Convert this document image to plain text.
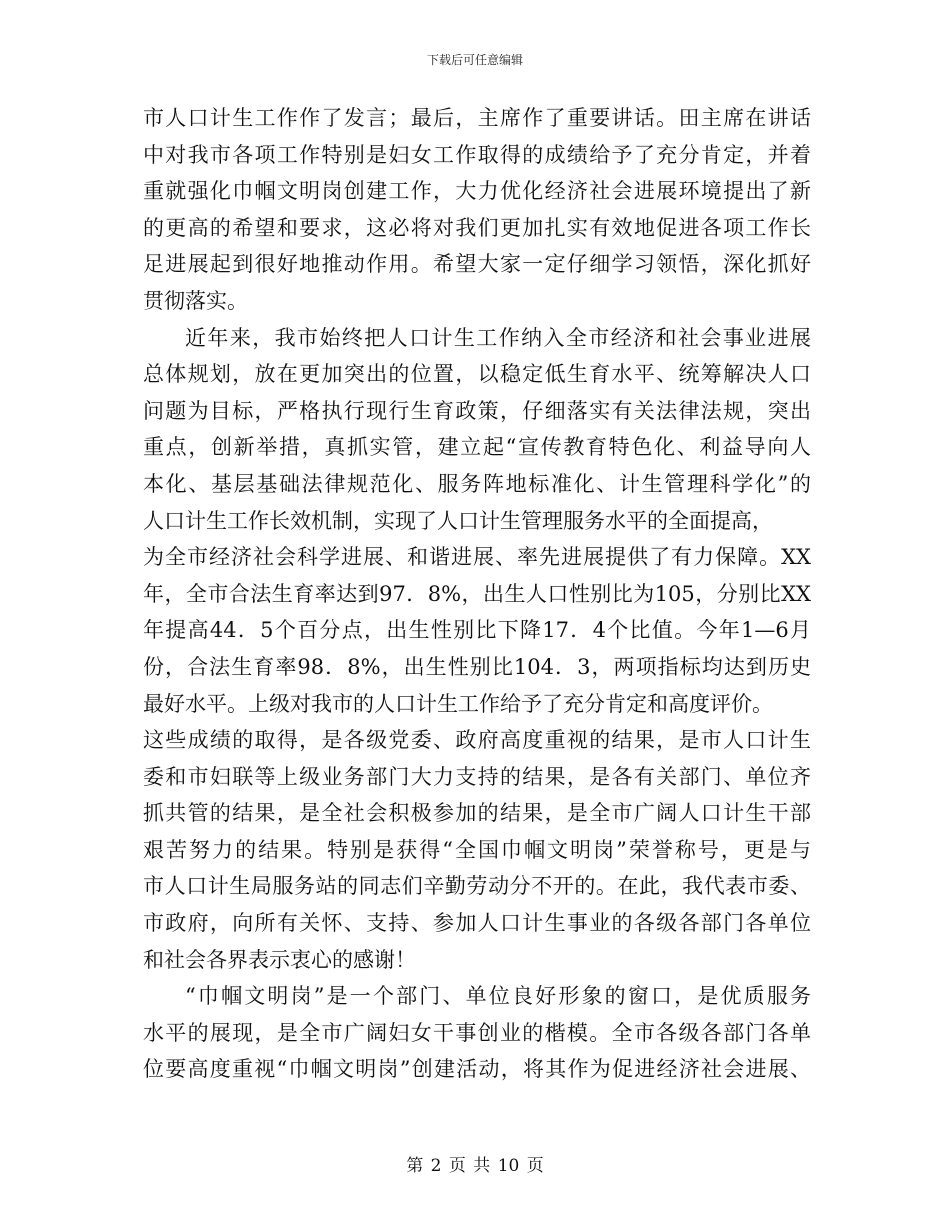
下载后可任意编辑
市人口计生工作作了发言；最后，主席作了重要讲话。田主席在讲话
中对我市各项工作特别是妇女工作取得的成绩给予了充分肯定，并着
重就强化巾帼文明岗创建工作，大力优化经济社会进展环境提出了新
的更高的希望和要求，这必将对我们更加扎实有效地促进各项工作长
足进展起到很好地推动作用。希望大家一定仔细学习领悟，深化抓好
贯彻落实。
近年来，我市始终把人口计生工作纳入全市经济和社会事业进展
总体规划，放在更加突出的位置，以稳定低生育水平、统筹解决人口
问题为目标，严格执行现行生育政策，仔细落实有关法律法规，突出
重点，创新举措，真抓实管，建立起“宣传教育特色化、利益导向人
本化、基层基础法律规范化、服务阵地标准化、计生管理科学化”的
人口计生工作长效机制，实现了人口计生管理服务水平的全面提高，
为全市经济社会科学进展、和谐进展、率先进展提供了有力保障。XX
年，全市合法生育率达到97．8%，出生人口性别比为105，分别比XX
年提高44．5个百分点，出生性别比下降17．4个比值。今年1—6月
份，合法生育率98．8%，出生性别比104．3，两项指标均达到历史
最好水平。上级对我市的人口计生工作给予了充分肯定和高度评价。
这些成绩的取得，是各级党委、政府高度重视的结果，是市人口计生
委和市妇联等上级业务部门大力支持的结果，是各有关部门、单位齐
抓共管的结果，是全社会积极参加的结果，是全市广阔人口计生干部
艰苦努力的结果。特别是获得“全国巾帼文明岗”荣誉称号，更是与
市人口计生局服务站的同志们辛勤劳动分不开的。在此，我代表市委、
市政府，向所有关怀、支持、参加人口计生事业的各级各部门各单位
和社会各界表示衷心的感谢！
“巾帼文明岗”是一个部门、单位良好形象的窗口，是优质服务
水平的展现，是全市广阔妇女干事创业的楷模。全市各级各部门各单
位要高度重视“巾帼文明岗”创建活动，将其作为促进经济社会进展、
第 2 页 共 10 页
